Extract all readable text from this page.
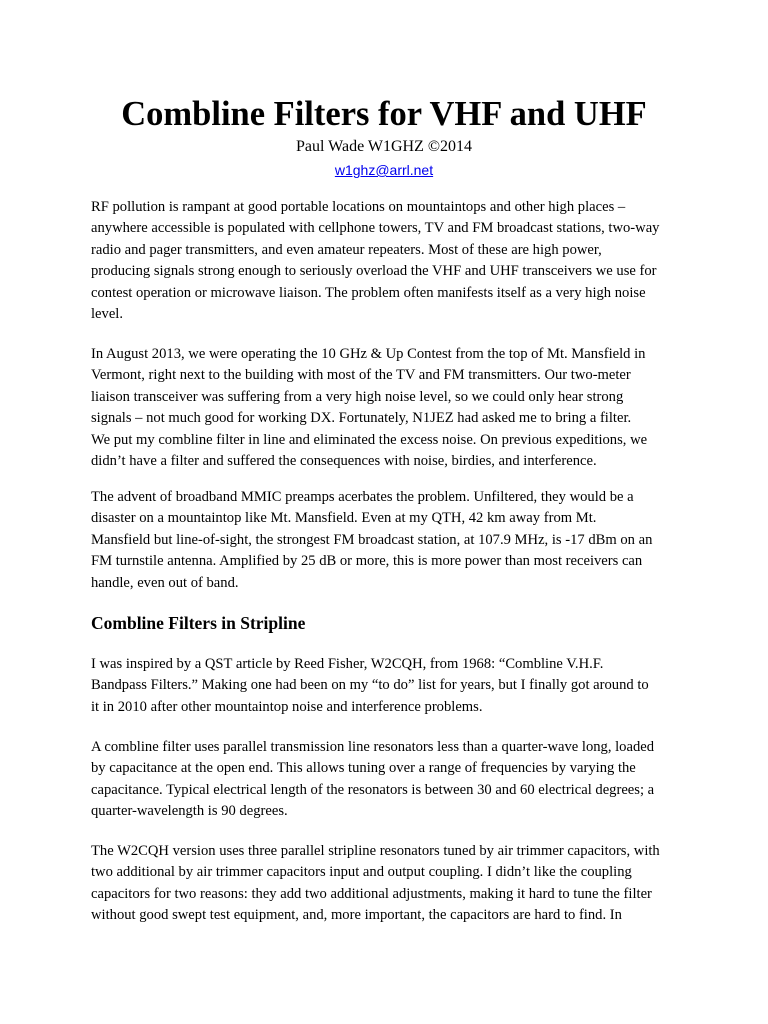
Combline Filters for VHF and UHF
Paul Wade W1GHZ ©2014
w1ghz@arrl.net

RF pollution is rampant at good portable locations on mountaintops and other high places –
anywhere accessible is populated with cellphone towers, TV and FM broadcast stations, two-way
radio and pager transmitters, and even amateur repeaters. Most of these are high power,
producing signals strong enough to seriously overload the VHF and UHF transceivers we use for
contest operation or microwave liaison. The problem often manifests itself as a very high noise
level.

In August 2013, we were operating the 10 GHz & Up Contest from the top of Mt. Mansfield in
Vermont, right next to the building with most of the TV and FM transmitters. Our two-meter
liaison transceiver was suffering from a very high noise level, so we could only hear strong
signals – not much good for working DX. Fortunately, N1JEZ had asked me to bring a filter.
We put my combline filter in line and eliminated the excess noise. On previous expeditions, we
didn’t have a filter and suffered the consequences with noise, birdies, and interference.

The advent of broadband MMIC preamps acerbates the problem. Unfiltered, they would be a
disaster on a mountaintop like Mt. Mansfield. Even at my QTH, 42 km away from Mt.
Mansfield but line-of-sight, the strongest FM broadcast station, at 107.9 MHz, is -17 dBm on an
FM turnstile antenna. Amplified by 25 dB or more, this is more power than most receivers can
handle, even out of band.

Combline Filters in Stripline

I was inspired by a QST article by Reed Fisher, W2CQH, from 1968: “Combline V.H.F.
Bandpass Filters.” Making one had been on my “to do” list for years, but I finally got around to
it in 2010 after other mountaintop noise and interference problems.

A combline filter uses parallel transmission line resonators less than a quarter-wave long, loaded
by capacitance at the open end. This allows tuning over a range of frequencies by varying the
capacitance. Typical electrical length of the resonators is between 30 and 60 electrical degrees; a
quarter-wavelength is 90 degrees.

The W2CQH version uses three parallel stripline resonators tuned by air trimmer capacitors, with
two additional by air trimmer capacitors input and output coupling. I didn’t like the coupling
capacitors for two reasons: they add two additional adjustments, making it hard to tune the filter
without good swept test equipment, and, more important, the capacitors are hard to find. In
